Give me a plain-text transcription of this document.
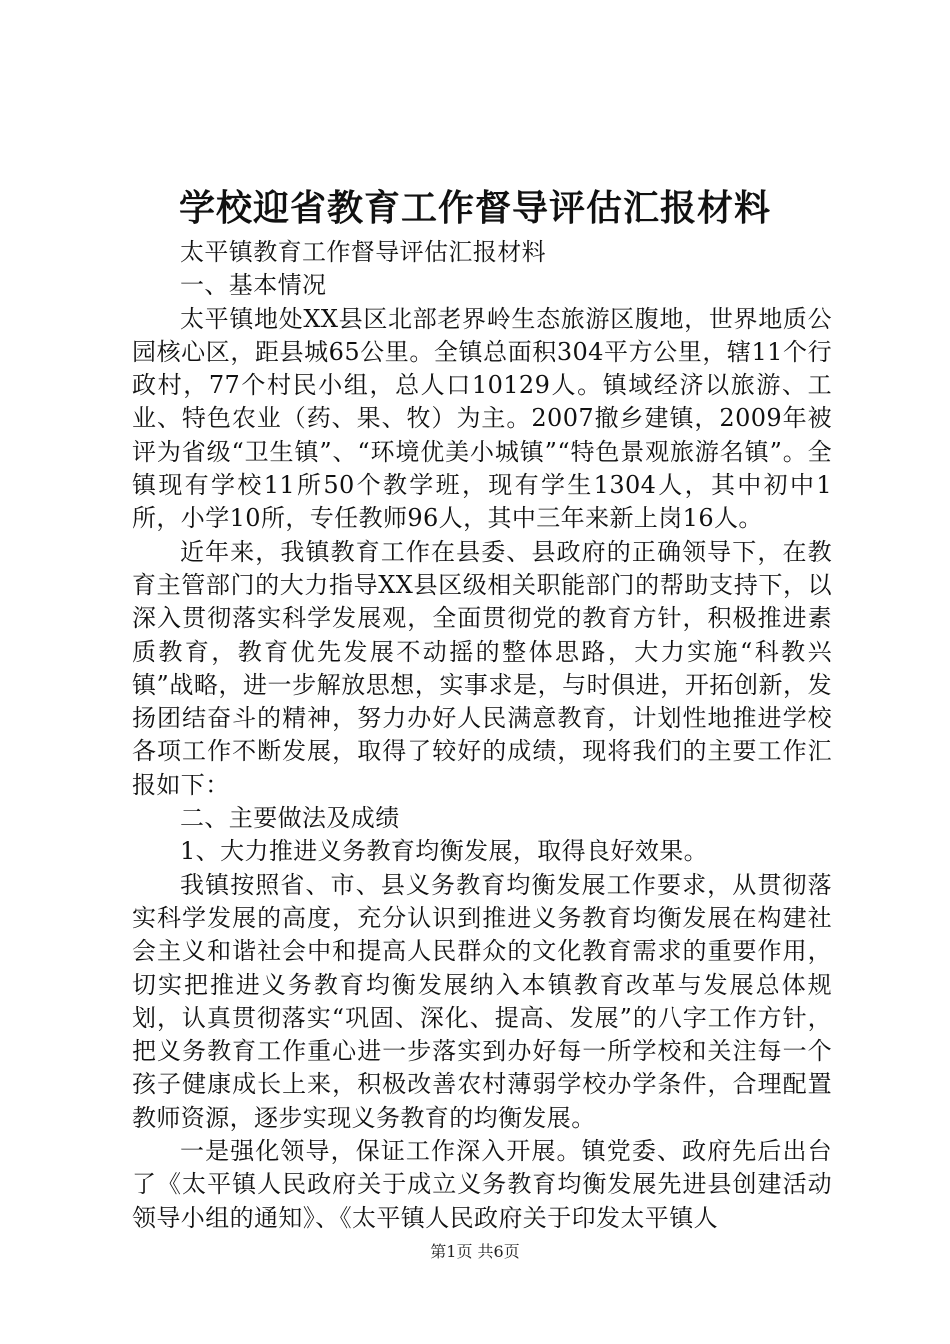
学校迎省教育工作督导评估汇报材料

太平镇教育工作督导评估汇报材料

一、基本情况

太平镇地处XX县区北部老界岭生态旅游区腹地，世界地质公园核心区，距县城65公里。全镇总面积304平方公里，辖11个行政村，77个村民小组，总人口10129人。镇域经济以旅游、工业、特色农业（药、果、牧）为主。2007撤乡建镇，2009年被评为省级“卫生镇”、“环境优美小城镇”“特色景观旅游名镇”。全镇现有学校11所50个教学班，现有学生1304人，其中初中1所，小学10所，专任教师96人，其中三年来新上岗16人。

近年来，我镇教育工作在县委、县政府的正确领导下，在教育主管部门的大力指导XX县区级相关职能部门的帮助支持下，以深入贯彻落实科学发展观，全面贯彻党的教育方针，积极推进素质教育，教育优先发展不动摇的整体思路，大力实施“科教兴镇”战略，进一步解放思想，实事求是，与时俱进，开拓创新，发扬团结奋斗的精神，努力办好人民满意教育，计划性地推进学校各项工作不断发展，取得了较好的成绩，现将我们的主要工作汇报如下：

二、主要做法及成绩

1、大力推进义务教育均衡发展，取得良好效果。

我镇按照省、市、县义务教育均衡发展工作要求，从贯彻落实科学发展的高度，充分认识到推进义务教育均衡发展在构建社会主义和谐社会中和提高人民群众的文化教育需求的重要作用，切实把推进义务教育均衡发展纳入本镇教育改革与发展总体规划，认真贯彻落实“巩固、深化、提高、发展”的八字工作方针，把义务教育工作重心进一步落实到办好每一所学校和关注每一个孩子健康成长上来，积极改善农村薄弱学校办学条件，合理配置教师资源，逐步实现义务教育的均衡发展。

一是强化领导，保证工作深入开展。镇党委、政府先后出台了《太平镇人民政府关于成立义务教育均衡发展先进县创建活动领导小组的通知》、《太平镇人民政府关于印发太平镇人

第1页 共6页
